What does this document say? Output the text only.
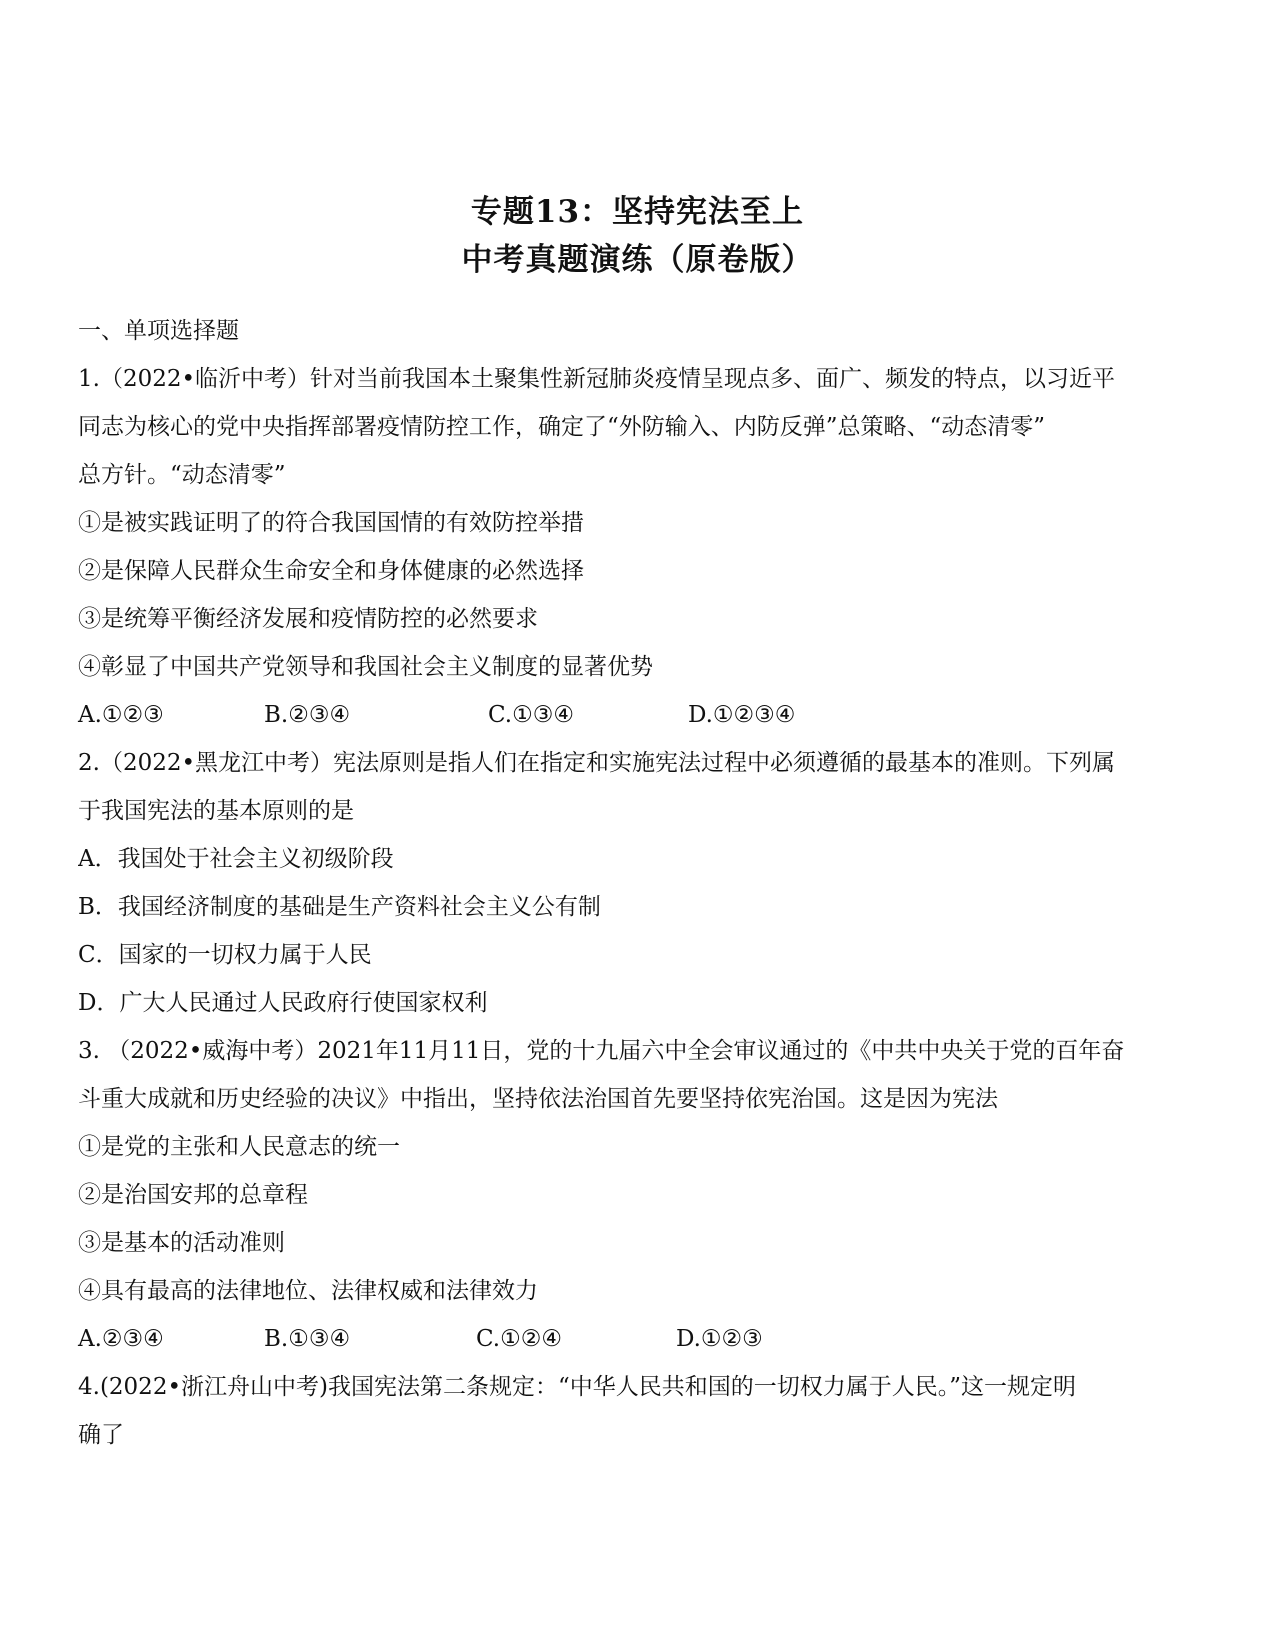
专题13：坚持宪法至上
中考真题演练（原卷版）
一、单项选择题
1.（2022•临沂中考）针对当前我国本土聚集性新冠肺炎疫情呈现点多、面广、频发的特点，以习近平
同志为核心的党中央指挥部署疫情防控工作，确定了“外防输入、内防反弹”总策略、“动态清零”
总方针。“动态清零”
①是被实践证明了的符合我国国情的有效防控举措
②是保障人民群众生命安全和身体健康的必然选择
③是统筹平衡经济发展和疫情防控的必然要求
④彰显了中国共产党领导和我国社会主义制度的显著优势
A.①②③	B.②③④	C.①③④	D.①②③④
2.（2022•黑龙江中考）宪法原则是指人们在指定和实施宪法过程中必须遵循的最基本的准则。下列属
于我国宪法的基本原则的是
A．我国处于社会主义初级阶段
B．我国经济制度的基础是生产资料社会主义公有制
C．国家的一切权力属于人民
D．广大人民通过人民政府行使国家权利
3. （2022•威海中考）2021年11月11日，党的十九届六中全会审议通过的《中共中央关于党的百年奋
斗重大成就和历史经验的决议》中指出，坚持依法治国首先要坚持依宪治国。这是因为宪法
①是党的主张和人民意志的统一
②是治国安邦的总章程
③是基本的活动准则
④具有最高的法律地位、法律权威和法律效力
A.②③④	B.①③④	C.①②④	D.①②③
4.(2022•浙江舟山中考)我国宪法第二条规定：“中华人民共和国的一切权力属于人民。”这一规定明
确了
